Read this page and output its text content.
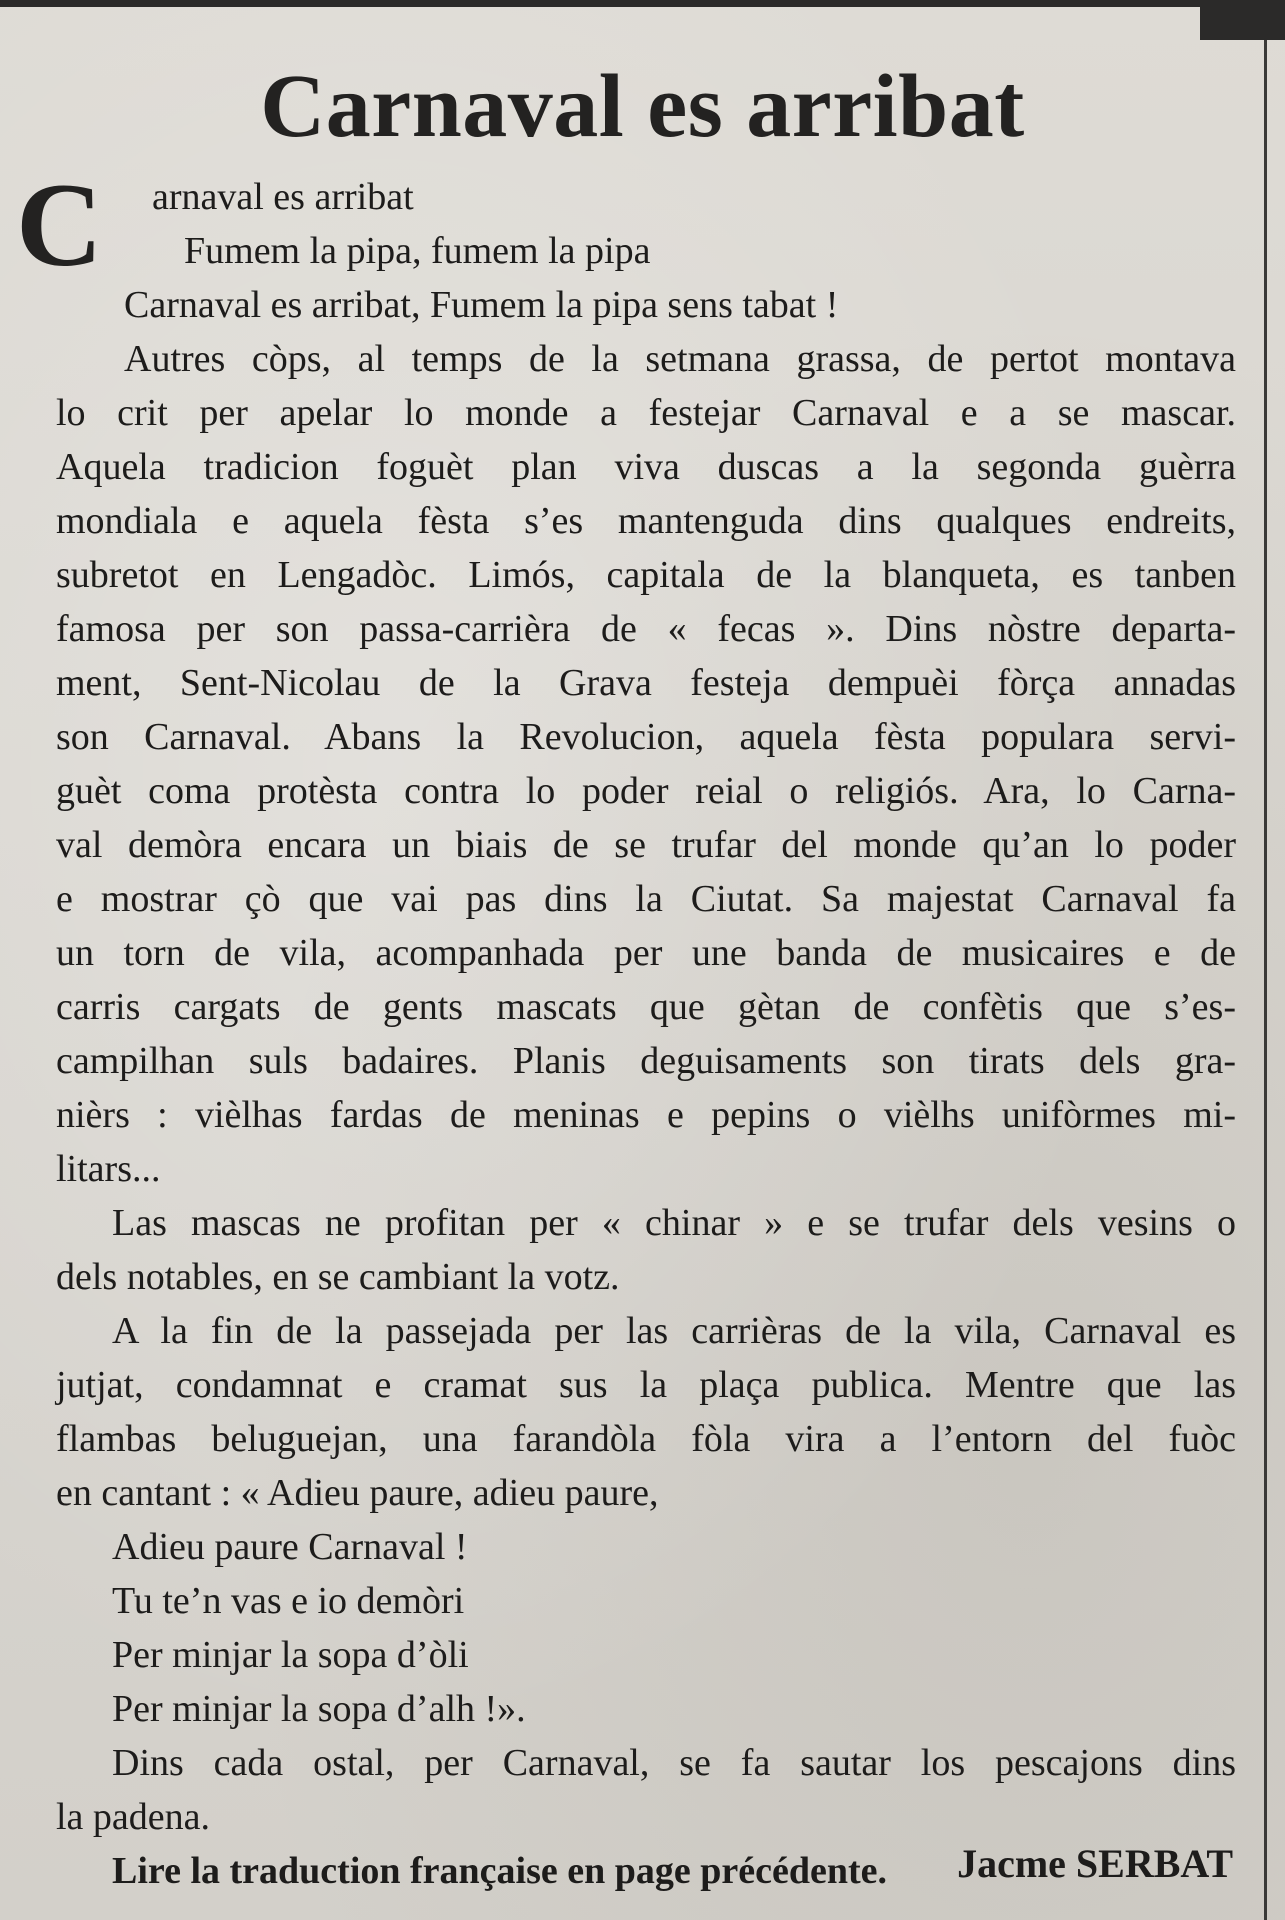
Carnaval es arribat
C	arnaval es arribat
Fumem la pipa, fumem la pipa
Carnaval es arribat, Fumem la pipa sens tabat !
Autres còps, al temps de la setmana grassa, de pertot montava
lo crit per apelar lo monde a festejar Carnaval e a se mascar.
Aquela tradicion foguèt plan viva duscas a la segonda guèrra
mondiala e aquela fèsta s’es mantenguda dins qualques endreits,
subretot en Lengadòc. Limós, capitala de la blanqueta, es tanben
famosa per son passa-carrièra de « fecas ». Dins nòstre departa-
ment, Sent-Nicolau de la Grava festeja dempuèi fòrça annadas
son Carnaval. Abans la Revolucion, aquela fèsta populara servi-
guèt coma protèsta contra lo poder reial o religiós. Ara, lo Carna-
val demòra encara un biais de se trufar del monde qu’an lo poder
e mostrar çò que vai pas dins la Ciutat. Sa majestat Carnaval fa
un torn de vila, acompanhada per une banda de musicaires e de
carris cargats de gents mascats que gètan de confètis que s’es-
campilhan suls badaires. Planis deguisaments son tirats dels gra-
nièrs : vièlhas fardas de meninas e pepins o vièlhs unifòrmes mi-
litars...
Las mascas ne profitan per « chinar » e se trufar dels vesins o
dels notables, en se cambiant la votz.
A la fin de la passejada per las carrièras de la vila, Carnaval es
jutjat, condamnat e cramat sus la plaça publica. Mentre que las
flambas beluguejan, una farandòla fòla vira a l’entorn del fuòc
en cantant : « Adieu paure, adieu paure,
Adieu paure Carnaval !
Tu te’n vas e io demòri
Per minjar la sopa d’òli
Per minjar la sopa d’alh !».
Dins cada ostal, per Carnaval, se fa sautar los pescajons dins
la padena.
Lire la traduction française en page précédente.	Jacme SERBAT
